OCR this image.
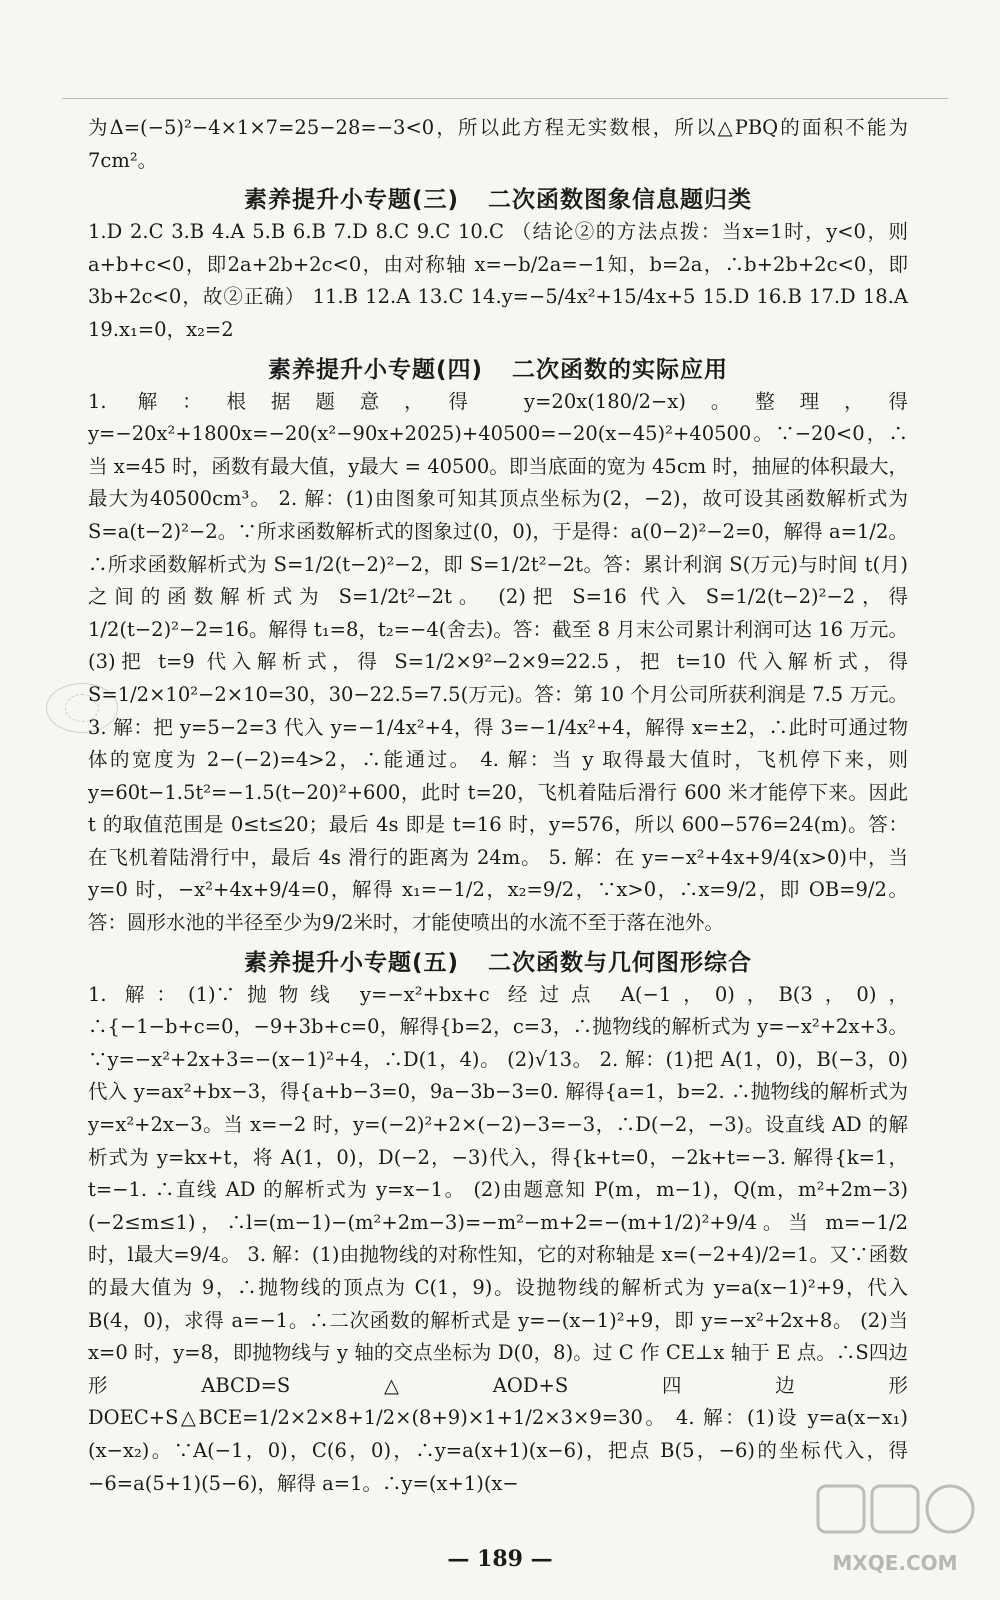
为Δ=(−5)²−4×1×7=25−28=−3<0，所以此方程无实数根，所以△PBQ的面积不能为7cm²。

素养提升小专题(三) 二次函数图象信息题归类

1.D 2.C 3.B 4.A 5.B 6.B 7.D 8.C 9.C 10.C （结论②的方法点拨：当x=1时，y<0，则a+b+c<0，即2a+2b+2c<0，由对称轴 x=−b/2a=−1知，b=2a，∴b+2b+2c<0，即3b+2c<0，故②正确） 11.B 12.A 13.C 14.y=−5/4x²+15/4x+5 15.D 16.B 17.D 18.A 19.x₁=0，x₂=2

素养提升小专题(四) 二次函数的实际应用

1. 解：根据题意，得 y=20x(180/2−x)。整理，得 y=−20x²+1800x=−20(x²−90x+2025)+40500=−20(x−45)²+40500。∵−20<0，∴当 x=45 时，函数有最大值，y最大 = 40500。即当底面的宽为 45cm 时，抽屉的体积最大，最大为40500cm³。 2. 解：(1)由图象可知其顶点坐标为(2，−2)，故可设其函数解析式为 S=a(t−2)²−2。∵所求函数解析式的图象过(0，0)，于是得：a(0−2)²−2=0，解得 a=1/2。∴所求函数解析式为 S=1/2(t−2)²−2，即 S=1/2t²−2t。答：累计利润 S(万元)与时间 t(月)之间的函数解析式为 S=1/2t²−2t。 (2)把 S=16 代入 S=1/2(t−2)²−2，得1/2(t−2)²−2=16。解得 t₁=8，t₂=−4(舍去)。答：截至 8 月末公司累计利润可达 16 万元。 (3)把 t=9 代入解析式，得 S=1/2×9²−2×9=22.5，把 t=10 代入解析式，得 S=1/2×10²−2×10=30，30−22.5=7.5(万元)。答：第 10 个月公司所获利润是 7.5 万元。 3. 解：把 y=5−2=3 代入 y=−1/4x²+4，得 3=−1/4x²+4，解得 x=±2，∴此时可通过物体的宽度为 2−(−2)=4>2，∴能通过。 4. 解：当 y 取得最大值时，飞机停下来，则 y=60t−1.5t²=−1.5(t−20)²+600，此时 t=20，飞机着陆后滑行 600 米才能停下来。因此 t 的取值范围是 0≤t≤20；最后 4s 即是 t=16 时，y=576，所以 600−576=24(m)。答：在飞机着陆滑行中，最后 4s 滑行的距离为 24m。 5. 解：在 y=−x²+4x+9/4(x>0)中，当 y=0 时，−x²+4x+9/4=0，解得 x₁=−1/2，x₂=9/2，∵x>0，∴x=9/2，即 OB=9/2。答：圆形水池的半径至少为9/2米时，才能使喷出的水流不至于落在池外。

素养提升小专题(五) 二次函数与几何图形综合

1. 解：(1)∵抛物线 y=−x²+bx+c 经过点 A(−1，0)，B(3，0)，∴{−1−b+c=0，−9+3b+c=0，解得{b=2，c=3，∴抛物线的解析式为 y=−x²+2x+3。∵y=−x²+2x+3=−(x−1)²+4，∴D(1，4)。 (2)√13。 2. 解：(1)把 A(1，0)，B(−3，0)代入 y=ax²+bx−3，得{a+b−3=0，9a−3b−3=0. 解得{a=1，b=2. ∴抛物线的解析式为 y=x²+2x−3。当 x=−2 时，y=(−2)²+2×(−2)−3=−3，∴D(−2，−3)。设直线 AD 的解析式为 y=kx+t，将 A(1，0)，D(−2，−3)代入，得{k+t=0，−2k+t=−3. 解得{k=1，t=−1. ∴直线 AD 的解析式为 y=x−1。 (2)由题意知 P(m，m−1)，Q(m，m²+2m−3)(−2≤m≤1)，∴l=(m−1)−(m²+2m−3)=−m²−m+2=−(m+1/2)²+9/4。当 m=−1/2时，l最大=9/4。 3. 解：(1)由抛物线的对称性知，它的对称轴是 x=(−2+4)/2=1。又∵函数的最大值为 9，∴抛物线的顶点为 C(1，9)。设抛物线的解析式为 y=a(x−1)²+9，代入 B(4，0)，求得 a=−1。∴二次函数的解析式是 y=−(x−1)²+9，即 y=−x²+2x+8。 (2)当 x=0 时，y=8，即抛物线与 y 轴的交点坐标为 D(0，8)。过 C 作 CE⊥x 轴于 E 点。∴S四边形ABCD=S△AOD+S四边形DOEC+S△BCE=1/2×2×8+1/2×(8+9)×1+1/2×3×9=30。 4. 解：(1)设 y=a(x−x₁)(x−x₂)。∵A(−1，0)，C(6，0)，∴y=a(x+1)(x−6)，把点 B(5，−6)的坐标代入，得−6=a(5+1)(5−6)，解得 a=1。∴y=(x+1)(x−

— 189 —	MXQE.COM
